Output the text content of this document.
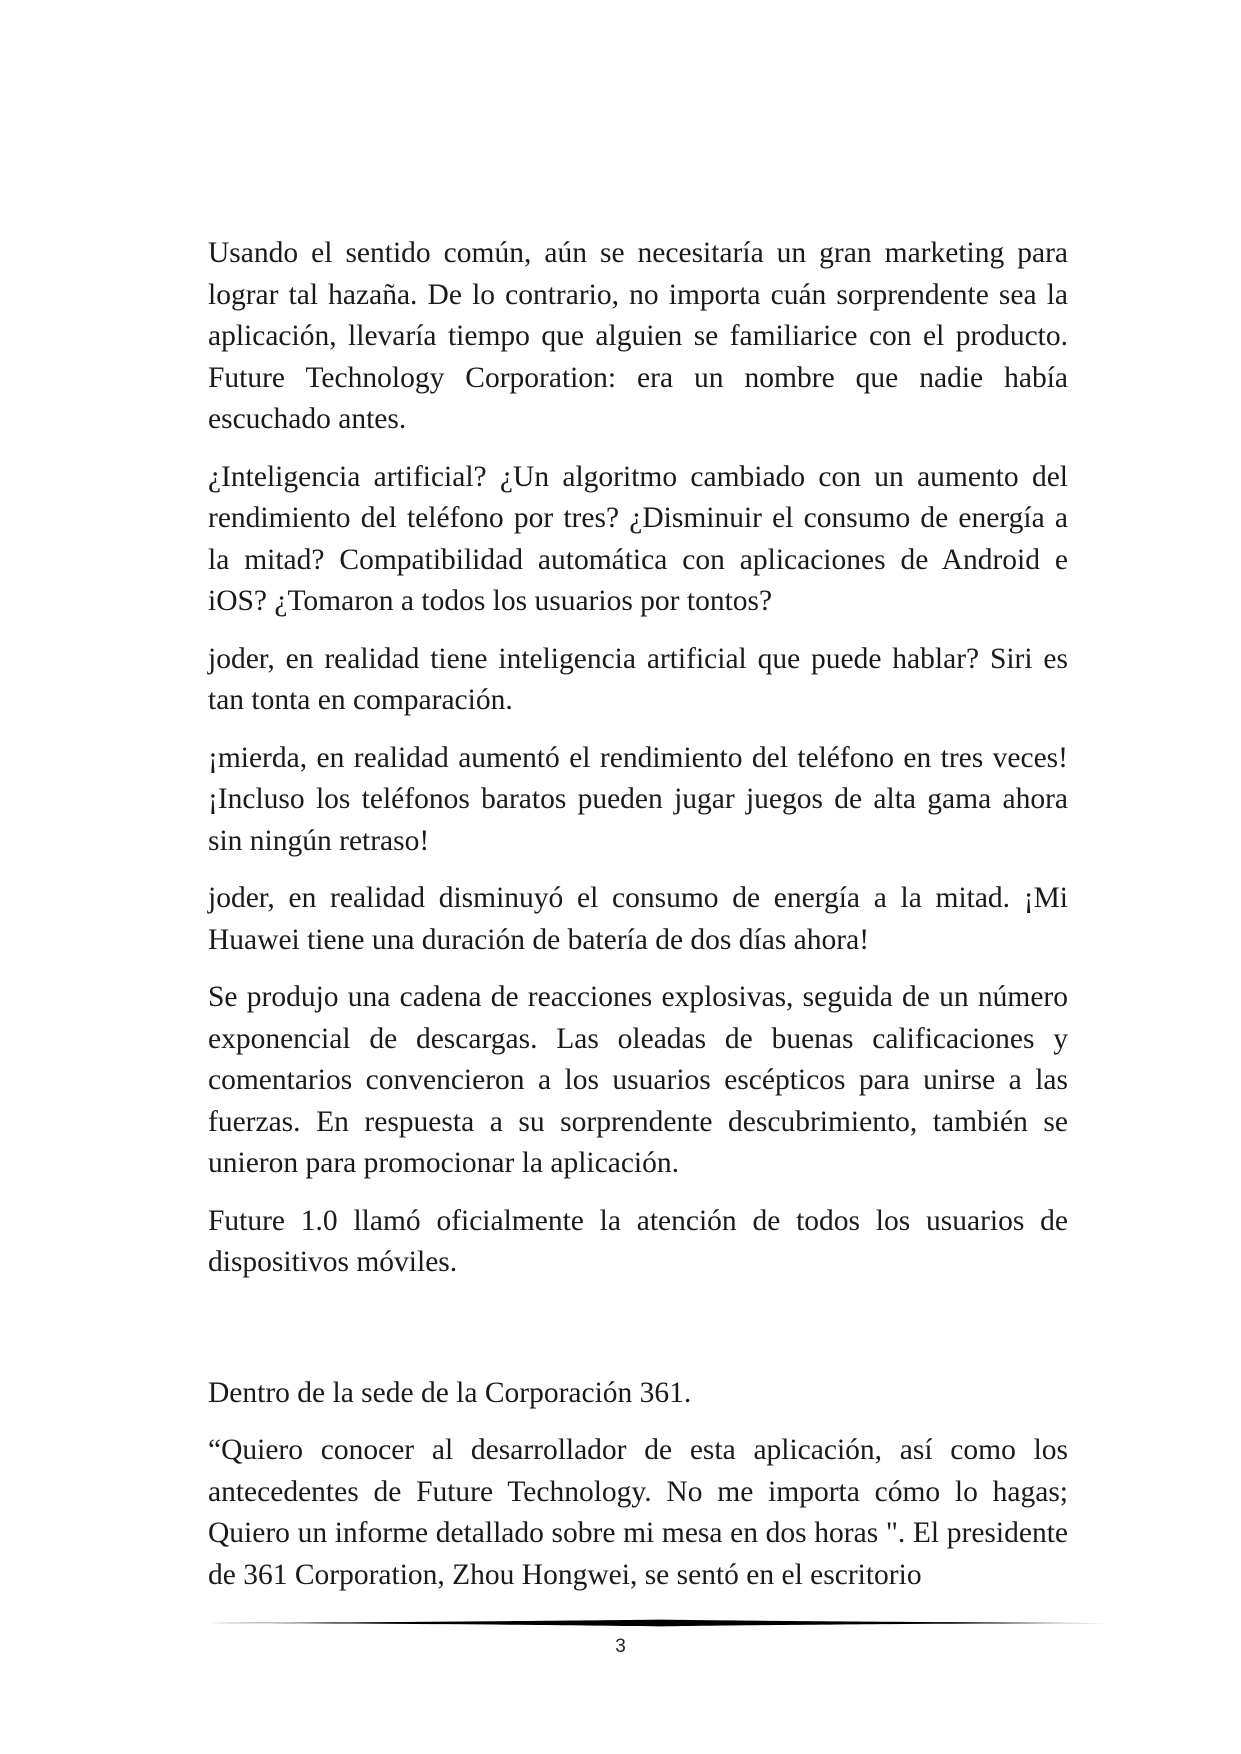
Usando el sentido común, aún se necesitaría un gran marketing para lograr tal hazaña. De lo contrario, no importa cuán sorprendente sea la aplicación, llevaría tiempo que alguien se familiarice con el producto. Future Technology Corporation: era un nombre que nadie había escuchado antes.

¿Inteligencia artificial? ¿Un algoritmo cambiado con un aumento del rendimiento del teléfono por tres? ¿Disminuir el consumo de energía a la mitad? Compatibilidad automática con aplicaciones de Android e iOS? ¿Tomaron a todos los usuarios por tontos?

joder, en realidad tiene inteligencia artificial que puede hablar? Siri es tan tonta en comparación.

¡mierda, en realidad aumentó el rendimiento del teléfono en tres veces! ¡Incluso los teléfonos baratos pueden jugar juegos de alta gama ahora sin ningún retraso!

joder, en realidad disminuyó el consumo de energía a la mitad. ¡Mi Huawei tiene una duración de batería de dos días ahora!

Se produjo una cadena de reacciones explosivas, seguida de un número exponencial de descargas. Las oleadas de buenas calificaciones y comentarios convencieron a los usuarios escépticos para unirse a las fuerzas. En respuesta a su sorprendente descubrimiento, también se unieron para promocionar la aplicación.

Future 1.0 llamó oficialmente la atención de todos los usuarios de dispositivos móviles.

Dentro de la sede de la Corporación 361.

“Quiero conocer al desarrollador de esta aplicación, así como los antecedentes de Future Technology. No me importa cómo lo hagas; Quiero un informe detallado sobre mi mesa en dos horas ". El presidente de 361 Corporation, Zhou Hongwei, se sentó en el escritorio

3
